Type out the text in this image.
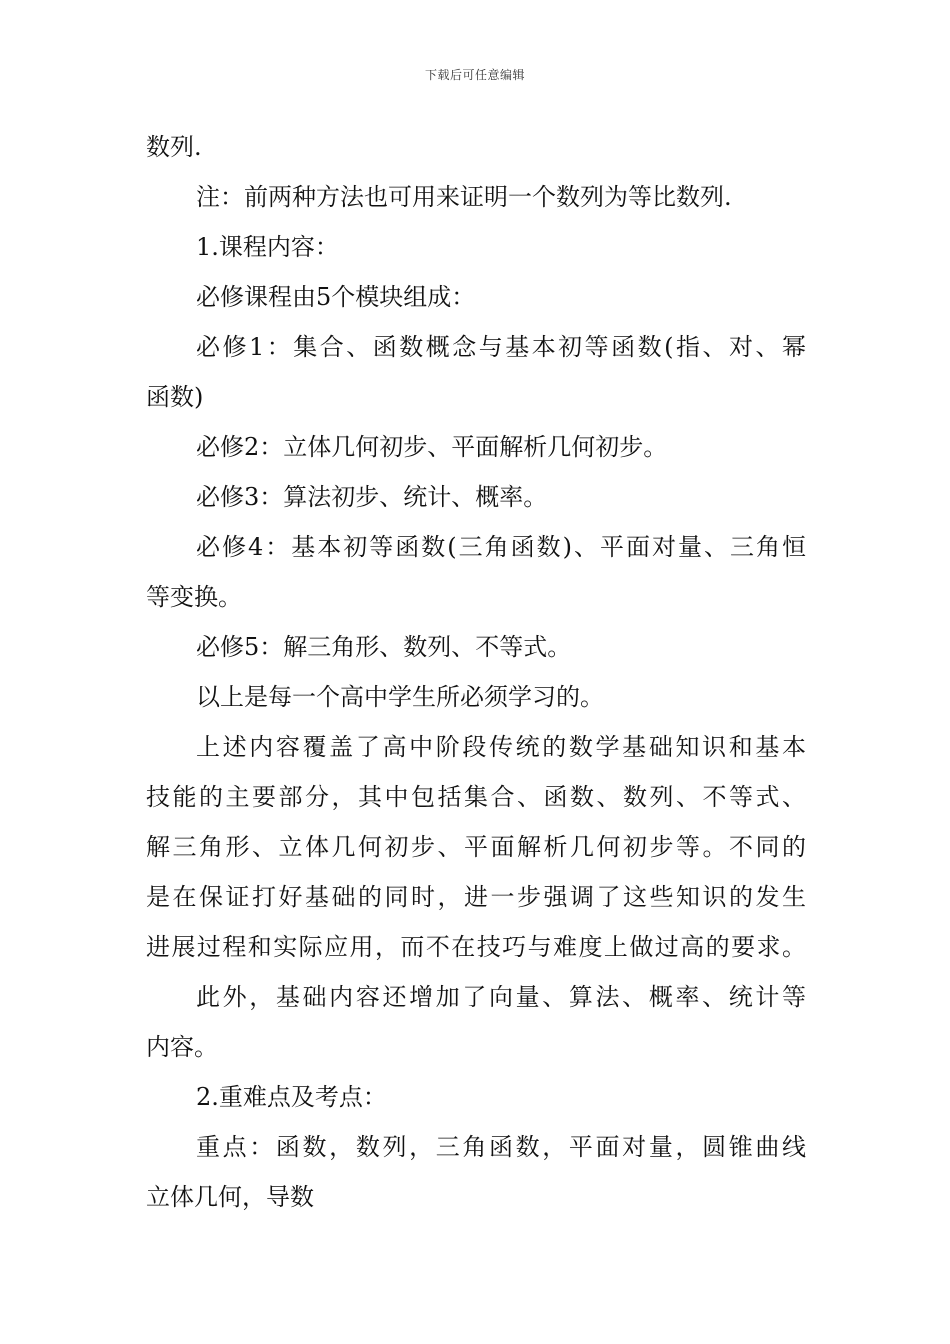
下载后可任意编辑
数列.
注：前两种方法也可用来证明一个数列为等比数列.
1.课程内容：
必修课程由5个模块组成：
必修1：集合、函数概念与基本初等函数(指、对、幂
函数)
必修2：立体几何初步、平面解析几何初步。
必修3：算法初步、统计、概率。
必修4：基本初等函数(三角函数)、平面对量、三角恒
等变换。
必修5：解三角形、数列、不等式。
以上是每一个高中学生所必须学习的。
上述内容覆盖了高中阶段传统的数学基础知识和基本
技能的主要部分，其中包括集合、函数、数列、不等式、
解三角形、立体几何初步、平面解析几何初步等。不同的
是在保证打好基础的同时，进一步强调了这些知识的发生
进展过程和实际应用，而不在技巧与难度上做过高的要求。
此外，基础内容还增加了向量、算法、概率、统计等
内容。
2.重难点及考点：
重点：函数，数列，三角函数，平面对量，圆锥曲线
立体几何，导数
